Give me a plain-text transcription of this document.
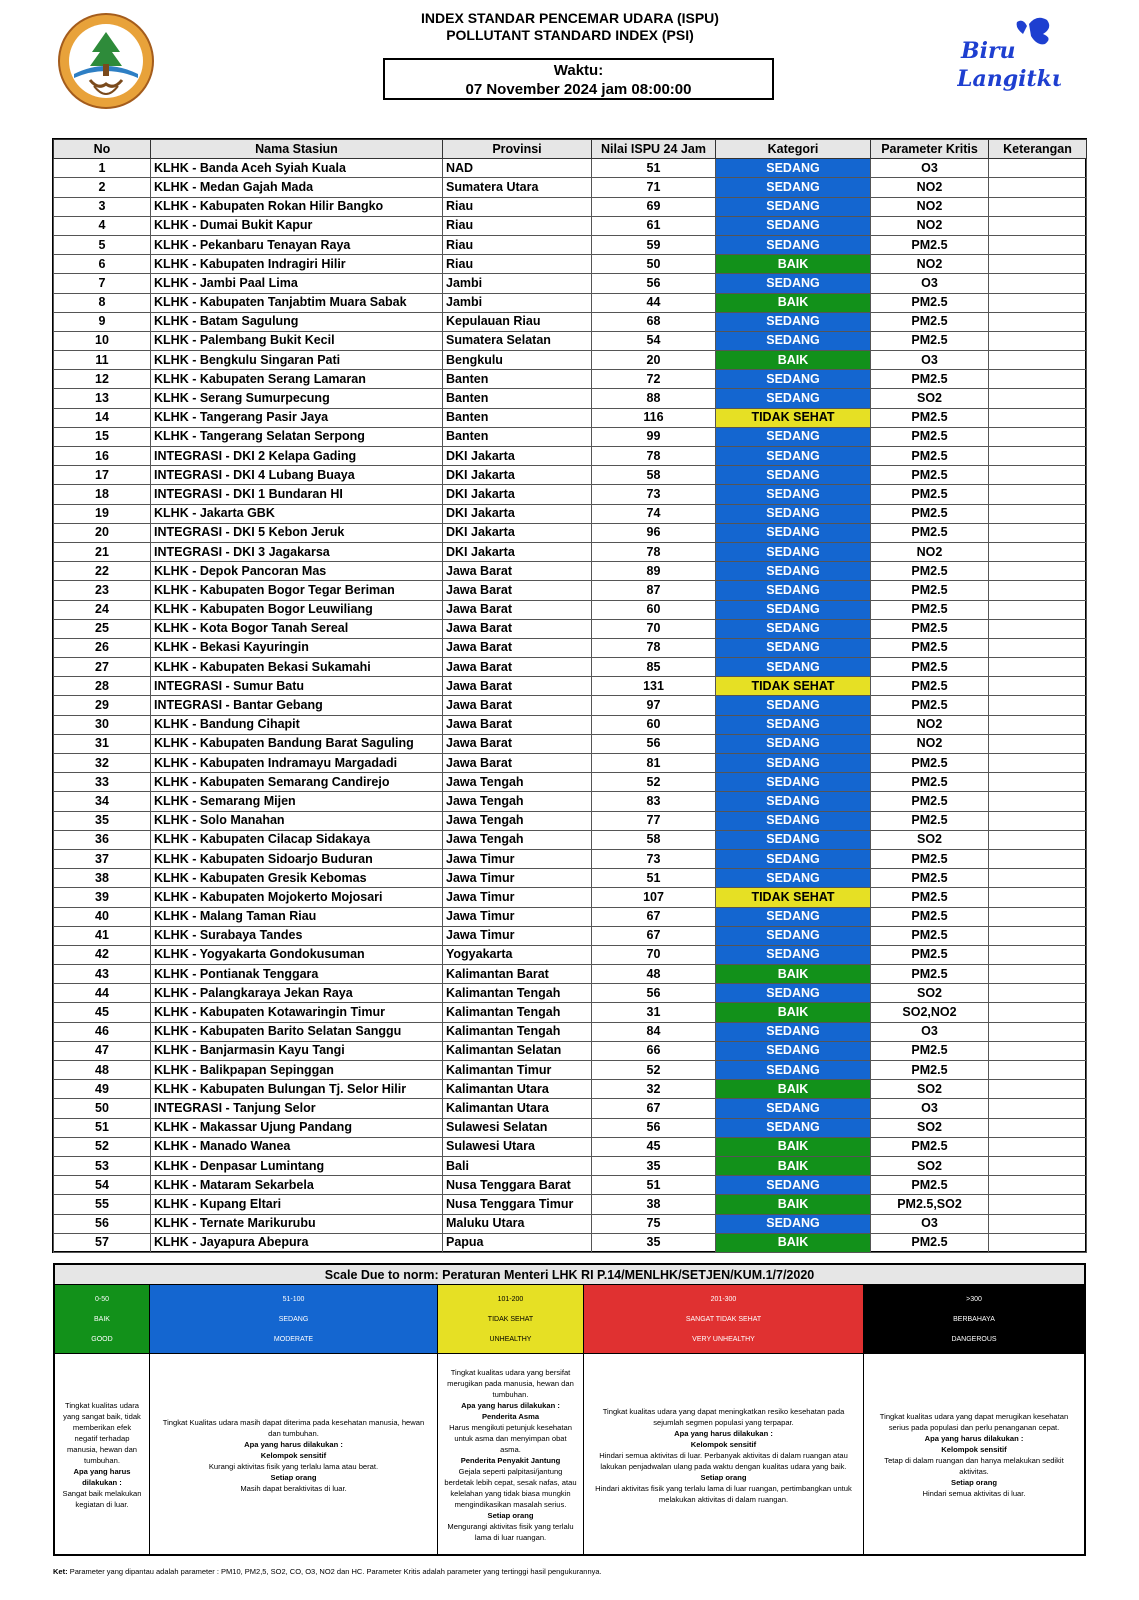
Biru
Langitku
INDEX STANDAR PENCEMAR UDARA (ISPU)
POLLUTANT STANDARD INDEX (PSI)
Waktu:
07 November 2024 jam 08:00:00
No	Nama Stasiun	Provinsi	Nilai ISPU 24 Jam	Kategori	Parameter Kritis	Keterangan
1	KLHK - Banda Aceh Syiah Kuala	NAD	51	SEDANG	O3	
2	KLHK - Medan Gajah Mada	Sumatera Utara	71	SEDANG	NO2	
3	KLHK - Kabupaten Rokan Hilir Bangko	Riau	69	SEDANG	NO2	
4	KLHK - Dumai Bukit Kapur	Riau	61	SEDANG	NO2	
5	KLHK - Pekanbaru Tenayan Raya	Riau	59	SEDANG	PM2.5	
6	KLHK - Kabupaten Indragiri Hilir	Riau	50	BAIK	NO2	
7	KLHK - Jambi Paal Lima	Jambi	56	SEDANG	O3	
8	KLHK - Kabupaten Tanjabtim Muara Sabak	Jambi	44	BAIK	PM2.5	
9	KLHK - Batam Sagulung	Kepulauan Riau	68	SEDANG	PM2.5	
10	KLHK - Palembang Bukit Kecil	Sumatera Selatan	54	SEDANG	PM2.5	
11	KLHK - Bengkulu Singaran Pati	Bengkulu	20	BAIK	O3	
12	KLHK - Kabupaten Serang Lamaran	Banten	72	SEDANG	PM2.5	
13	KLHK - Serang Sumurpecung	Banten	88	SEDANG	SO2	
14	KLHK - Tangerang Pasir Jaya	Banten	116	TIDAK SEHAT	PM2.5	
15	KLHK - Tangerang Selatan Serpong	Banten	99	SEDANG	PM2.5	
16	INTEGRASI - DKI 2 Kelapa Gading	DKI Jakarta	78	SEDANG	PM2.5	
17	INTEGRASI - DKI 4 Lubang Buaya	DKI Jakarta	58	SEDANG	PM2.5	
18	INTEGRASI - DKI 1 Bundaran HI	DKI Jakarta	73	SEDANG	PM2.5	
19	KLHK - Jakarta GBK	DKI Jakarta	74	SEDANG	PM2.5	
20	INTEGRASI - DKI 5 Kebon Jeruk	DKI Jakarta	96	SEDANG	PM2.5	
21	INTEGRASI - DKI 3 Jagakarsa	DKI Jakarta	78	SEDANG	NO2	
22	KLHK - Depok Pancoran Mas	Jawa Barat	89	SEDANG	PM2.5	
23	KLHK - Kabupaten Bogor Tegar Beriman	Jawa Barat	87	SEDANG	PM2.5	
24	KLHK - Kabupaten Bogor Leuwiliang	Jawa Barat	60	SEDANG	PM2.5	
25	KLHK - Kota Bogor Tanah Sereal	Jawa Barat	70	SEDANG	PM2.5	
26	KLHK - Bekasi Kayuringin	Jawa Barat	78	SEDANG	PM2.5	
27	KLHK - Kabupaten Bekasi Sukamahi	Jawa Barat	85	SEDANG	PM2.5	
28	INTEGRASI - Sumur Batu	Jawa Barat	131	TIDAK SEHAT	PM2.5	
29	INTEGRASI - Bantar Gebang	Jawa Barat	97	SEDANG	PM2.5	
30	KLHK - Bandung Cihapit	Jawa Barat	60	SEDANG	NO2	
31	KLHK - Kabupaten Bandung Barat Saguling	Jawa Barat	56	SEDANG	NO2	
32	KLHK - Kabupaten Indramayu Margadadi	Jawa Barat	81	SEDANG	PM2.5	
33	KLHK - Kabupaten Semarang Candirejo	Jawa Tengah	52	SEDANG	PM2.5	
34	KLHK - Semarang Mijen	Jawa Tengah	83	SEDANG	PM2.5	
35	KLHK - Solo Manahan	Jawa Tengah	77	SEDANG	PM2.5	
36	KLHK - Kabupaten Cilacap Sidakaya	Jawa Tengah	58	SEDANG	SO2	
37	KLHK - Kabupaten Sidoarjo Buduran	Jawa Timur	73	SEDANG	PM2.5	
38	KLHK - Kabupaten Gresik Kebomas	Jawa Timur	51	SEDANG	PM2.5	
39	KLHK - Kabupaten Mojokerto Mojosari	Jawa Timur	107	TIDAK SEHAT	PM2.5	
40	KLHK - Malang Taman Riau	Jawa Timur	67	SEDANG	PM2.5	
41	KLHK - Surabaya Tandes	Jawa Timur	67	SEDANG	PM2.5	
42	KLHK - Yogyakarta Gondokusuman	Yogyakarta	70	SEDANG	PM2.5	
43	KLHK - Pontianak Tenggara	Kalimantan Barat	48	BAIK	PM2.5	
44	KLHK - Palangkaraya Jekan Raya	Kalimantan Tengah	56	SEDANG	SO2	
45	KLHK - Kabupaten Kotawaringin Timur	Kalimantan Tengah	31	BAIK	SO2,NO2	
46	KLHK - Kabupaten Barito Selatan Sanggu	Kalimantan Tengah	84	SEDANG	O3	
47	KLHK - Banjarmasin Kayu Tangi	Kalimantan Selatan	66	SEDANG	PM2.5	
48	KLHK - Balikpapan Sepinggan	Kalimantan Timur	52	SEDANG	PM2.5	
49	KLHK - Kabupaten Bulungan Tj. Selor Hilir	Kalimantan Utara	32	BAIK	SO2	
50	INTEGRASI - Tanjung Selor	Kalimantan Utara	67	SEDANG	O3	
51	KLHK - Makassar Ujung Pandang	Sulawesi Selatan	56	SEDANG	SO2	
52	KLHK - Manado Wanea	Sulawesi Utara	45	BAIK	PM2.5	
53	KLHK - Denpasar Lumintang	Bali	35	BAIK	SO2	
54	KLHK - Mataram Sekarbela	Nusa Tenggara Barat	51	SEDANG	PM2.5	
55	KLHK - Kupang Eltari	Nusa Tenggara Timur	38	BAIK	PM2.5,SO2	
56	KLHK - Ternate Marikurubu	Maluku Utara	75	SEDANG	O3	
57	KLHK - Jayapura Abepura	Papua	35	BAIK	PM2.5	
Scale Due to norm: Peraturan Menteri LHK RI P.14/MENLHK/SETJEN/KUM.1/7/2020
0-50
BAIK
GOOD
Tingkat kualitas udara yang sangat baik, tidak memberikan efek negatif terhadap manusia, hewan dan tumbuhan.
Apa yang harus dilakukan :
Sangat baik melakukan kegiatan di luar.
51-100
SEDANG
MODERATE
Tingkat Kualitas udara masih dapat diterima pada kesehatan manusia, hewan dan tumbuhan.
Apa yang harus dilakukan :
Kelompok sensitif
Kurangi aktivitas fisik yang terlalu lama atau berat.
Setiap orang
Masih dapat beraktivitas di luar.
101-200
TIDAK SEHAT
UNHEALTHY
Tingkat kualitas udara yang bersifat merugikan pada manusia, hewan dan tumbuhan.
Apa yang harus dilakukan :
Penderita Asma
Harus mengikuti petunjuk kesehatan untuk asma dan menyimpan obat asma.
Penderita Penyakit Jantung
Gejala seperti palpitasi/jantung berdetak lebih cepat, sesak nafas, atau kelelahan yang tidak biasa mungkin mengindikasikan masalah serius.
Setiap orang
Mengurangi aktivitas fisik yang terlalu lama di luar ruangan.
201-300
SANGAT TIDAK SEHAT
VERY UNHEALTHY
Tingkat kualitas udara yang dapat meningkatkan resiko kesehatan pada sejumlah segmen populasi yang terpapar.
Apa yang harus dilakukan :
Kelompok sensitif
Hindari semua aktivitas di luar. Perbanyak aktivitas di dalam ruangan atau lakukan penjadwalan ulang pada waktu dengan kualitas udara yang baik.
Setiap orang
Hindari aktivitas fisik yang terlalu lama di luar ruangan, pertimbangkan untuk melakukan aktivitas di dalam ruangan.
>300
BERBAHAYA
DANGEROUS
Tingkat kualitas udara yang dapat merugikan kesehatan serius pada populasi dan perlu penanganan cepat.
Apa yang harus dilakukan :
Kelompok sensitif
Tetap di dalam ruangan dan hanya melakukan sedikit aktivitas.
Setiap orang
Hindari semua aktivitas di luar.
Ket: Parameter yang dipantau adalah parameter : PM10, PM2,5, SO2, CO, O3, NO2 dan HC. Parameter Kritis adalah parameter yang tertinggi hasil pengukurannya.
